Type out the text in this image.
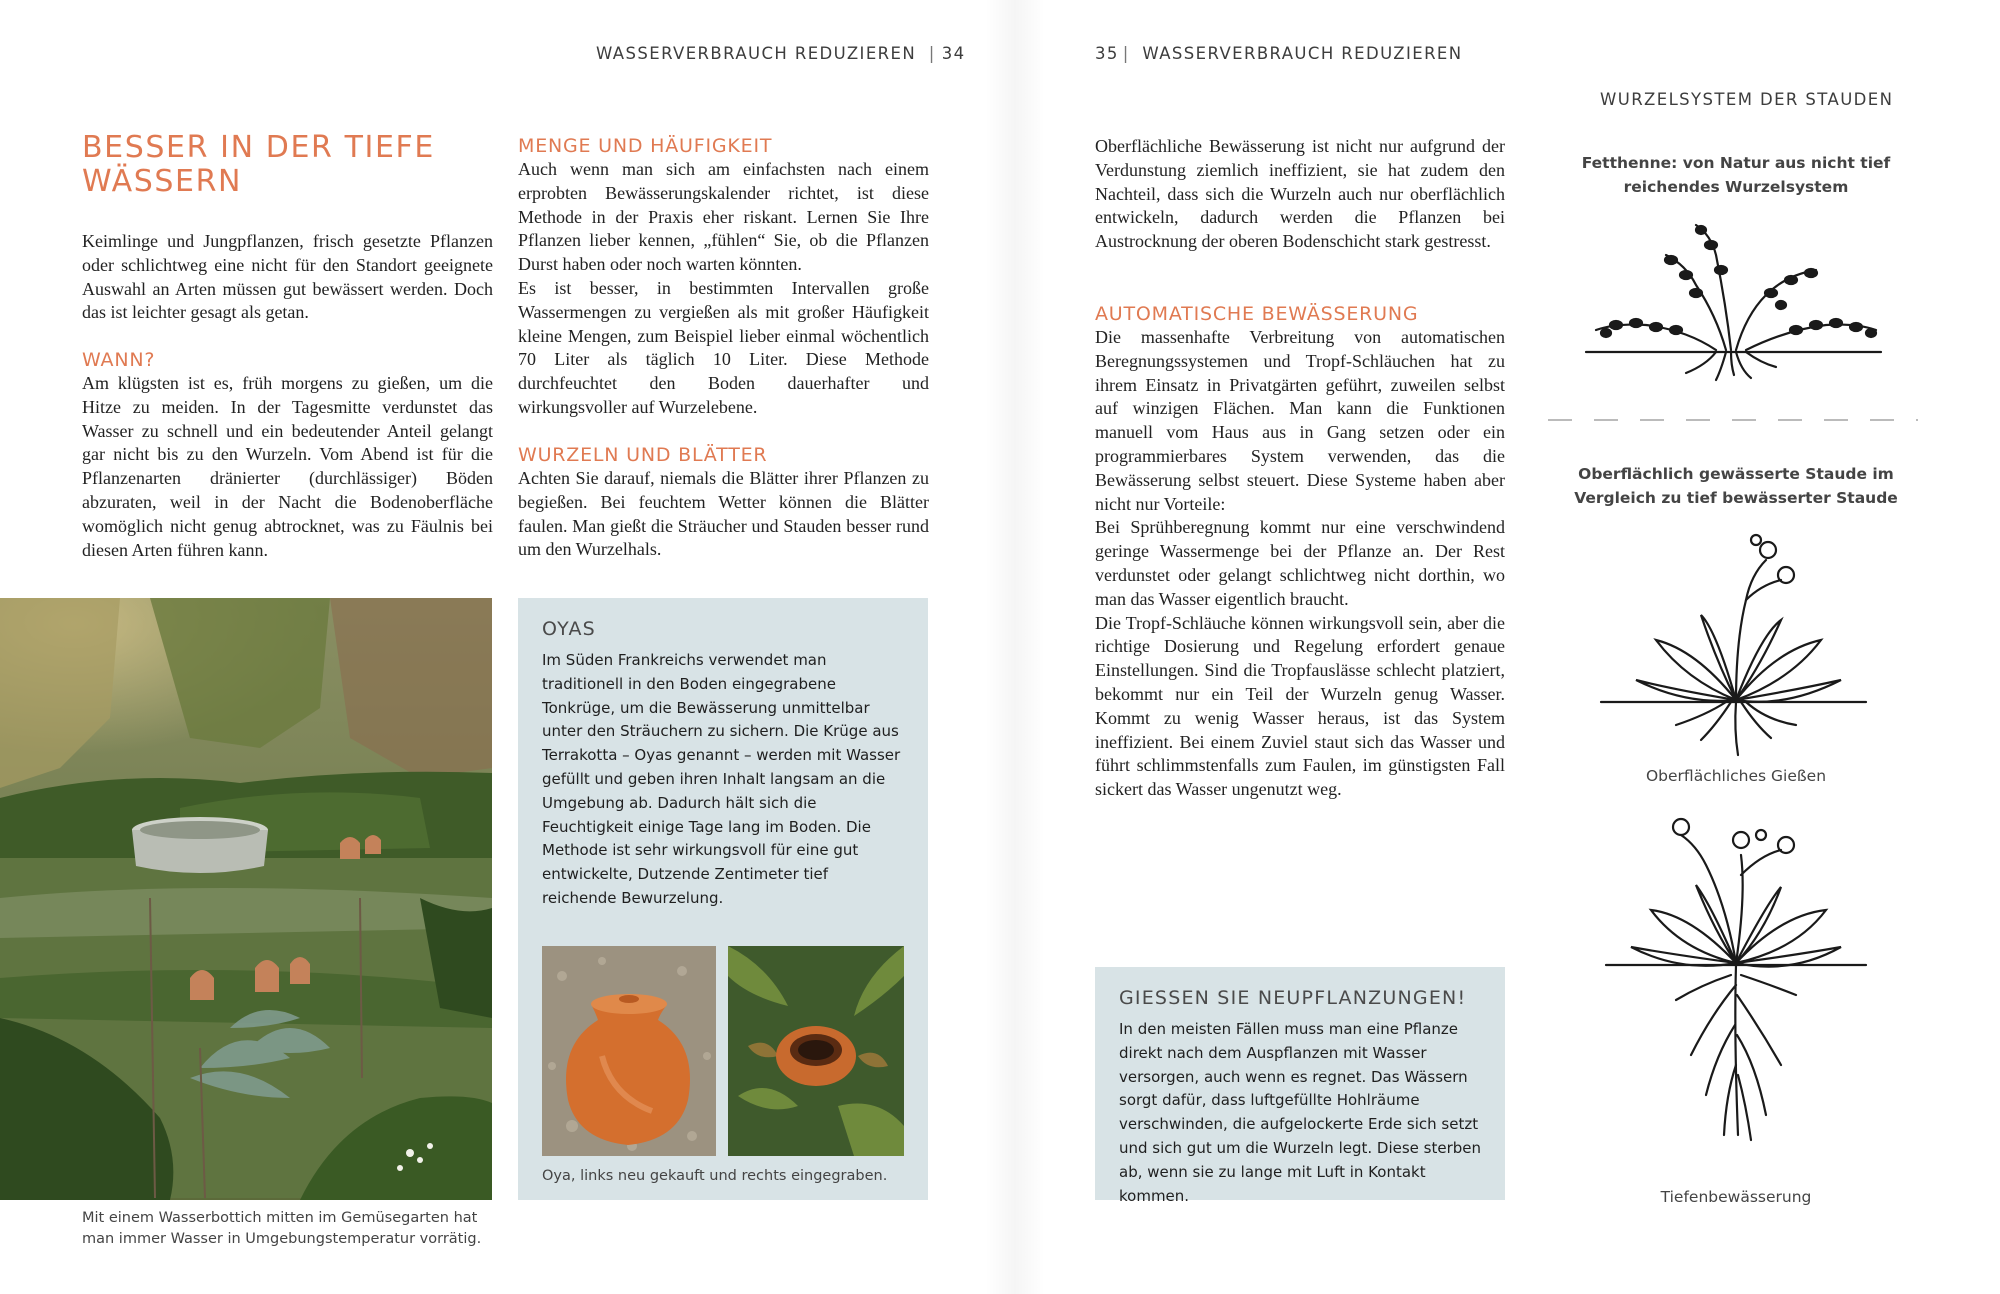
WASSERVERBRAUCH REDUZIEREN | 34
BESSER IN DER TIEFE WÄSSERN

Keimlinge und Jungpflanzen, frisch gesetzte Pflanzen oder schlichtweg eine nicht für den Standort geeignete Auswahl an Arten müssen gut bewässert werden. Doch das ist leichter gesagt als getan.

WANN?

Am klügsten ist es, früh morgens zu gießen, um die Hitze zu meiden. In der Tagesmitte verdunstet das Wasser zu schnell und ein bedeutender Anteil gelangt gar nicht bis zu den Wurzeln. Vom Abend ist für die Pflanzenarten dränierter (durchlässiger) Böden abzuraten, weil in der Nacht die Bodenoberfläche womöglich nicht genug abtrocknet, was zu Fäulnis bei diesen Arten führen kann.

MENGE UND HÄUFIGKEIT

Auch wenn man sich am einfachsten nach einem erprobten Bewässerungskalender richtet, ist diese Methode in der Praxis eher riskant. Lernen Sie Ihre Pflanzen lieber kennen, „fühlen“ Sie, ob die Pflanzen Durst haben oder noch warten könnten.

Es ist besser, in bestimmten Intervallen große Wassermengen zu vergießen als mit großer Häufigkeit kleine Mengen, zum Beispiel lieber einmal wöchentlich 70 Liter als täglich 10 Liter. Diese Methode durchfeuchtet den Boden dauerhafter und wirkungsvoller auf Wurzelebene.

WURZELN UND BLÄTTER

Achten Sie darauf, niemals die Blätter ihrer Pflanzen zu begießen. Bei feuchtem Wetter können die Blätter faulen. Man gießt die Sträucher und Stauden besser rund um den Wurzelhals.

Mit einem Wasserbottich mitten im Gemüsegarten hat man immer Wasser in Umgebungstemperatur vorrätig.
OYAS

Im Süden Frankreichs verwendet man traditionell in den Boden eingegrabene Tonkrüge, um die Bewässerung unmittelbar unter den Sträuchern zu sichern. Die Krüge aus Terrakotta – Oyas genannt – werden mit Wasser gefüllt und geben ihren Inhalt langsam an die Umgebung ab. Dadurch hält sich die Feuchtigkeit einige Tage lang im Boden. Die Methode ist sehr wirkungsvoll für eine gut entwickelte, Dutzende Zentimeter tief reichende Bewurzelung.

Oya, links neu gekauft und rechts eingegraben.
35 | WASSERVERBRAUCH REDUZIEREN

Oberflächliche Bewässerung ist nicht nur aufgrund der Verdunstung ziemlich ineffizient, sie hat zudem den Nachteil, dass sich die Wurzeln auch nur oberflächlich entwickeln, dadurch werden die Pflanzen bei Austrocknung der oberen Bodenschicht stark gestresst.

AUTOMATISCHE BEWÄSSERUNG

Die massenhafte Verbreitung von automatischen Beregnungssystemen und Tropf-Schläuchen hat zu ihrem Einsatz in Privatgärten geführt, zuweilen selbst auf winzigen Flächen. Man kann die Funktionen manuell vom Haus aus in Gang setzen oder ein programmierbares System verwenden, das die Bewässerung selbst steuert. Diese Systeme haben aber nicht nur Vorteile:

Bei Sprühberegnung kommt nur eine verschwindend geringe Wassermenge bei der Pflanze an. Der Rest verdunstet oder gelangt schlichtweg nicht dorthin, wo man das Wasser eigentlich braucht.

Die Tropf-Schläuche können wirkungsvoll sein, aber die richtige Dosierung und Regelung erfordert genaue Einstellungen. Sind die Tropfauslässe schlecht platziert, bekommt nur ein Teil der Wurzeln genug Wasser. Kommt zu wenig Wasser heraus, ist das System ineffizient. Bei einem Zuviel staut sich das Wasser und führt schlimmstenfalls zum Faulen, im günstigsten Fall sickert das Wasser ungenutzt weg.

GIESSEN SIE NEUPFLANZUNGEN!

In den meisten Fällen muss man eine Pflanze direkt nach dem Auspflanzen mit Wasser versorgen, auch wenn es regnet. Das Wässern sorgt dafür, dass luftgefüllte Hohlräume verschwinden, die aufgelockerte Erde sich setzt und sich gut um die Wurzeln legt. Diese sterben ab, wenn sie zu lange mit Luft in Kontakt kommen.

WURZELSYSTEM DER STAUDEN
Fetthenne: von Natur aus nicht tief reichendes Wurzelsystem
Oberflächlich gewässerte Staude im Vergleich zu tief bewässerter Staude
Oberflächliches Gießen
Tiefenbewässerung
